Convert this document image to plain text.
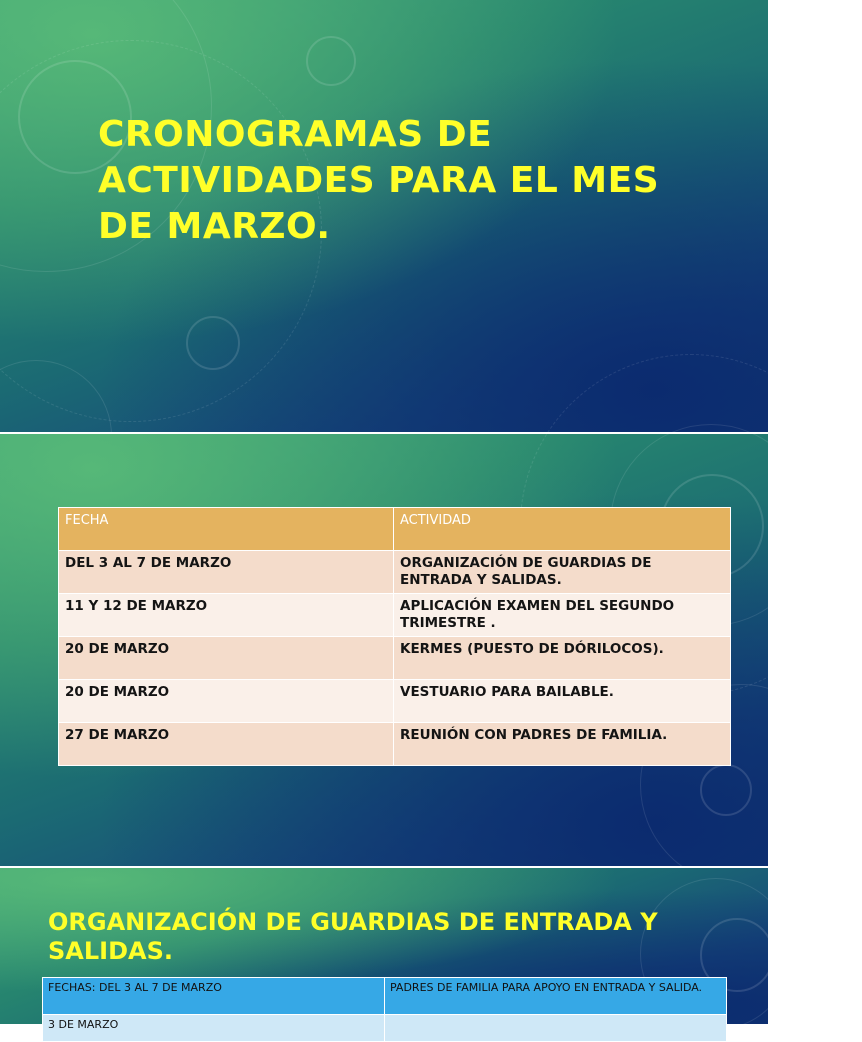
CRONOGRAMAS DE ACTIVIDADES PARA EL MES DE MARZO.
FECHA	ACTIVIDAD
DEL 3 AL 7 DE MARZO	ORGANIZACIÓN DE GUARDIAS DE ENTRADA Y SALIDAS.
11 Y 12 DE MARZO	APLICACIÓN EXAMEN DEL SEGUNDO TRIMESTRE .
20 DE MARZO	KERMES (PUESTO DE DÓRILOCOS).
20 DE MARZO	VESTUARIO PARA BAILABLE.
27 DE MARZO	REUNIÓN CON PADRES DE FAMILIA.
ORGANIZACIÓN DE GUARDIAS DE ENTRADA Y SALIDAS.
FECHAS: DEL 3 AL 7 DE MARZO	PADRES DE FAMILIA PARA APOYO EN ENTRADA Y SALIDA.
3 DE MARZO	
